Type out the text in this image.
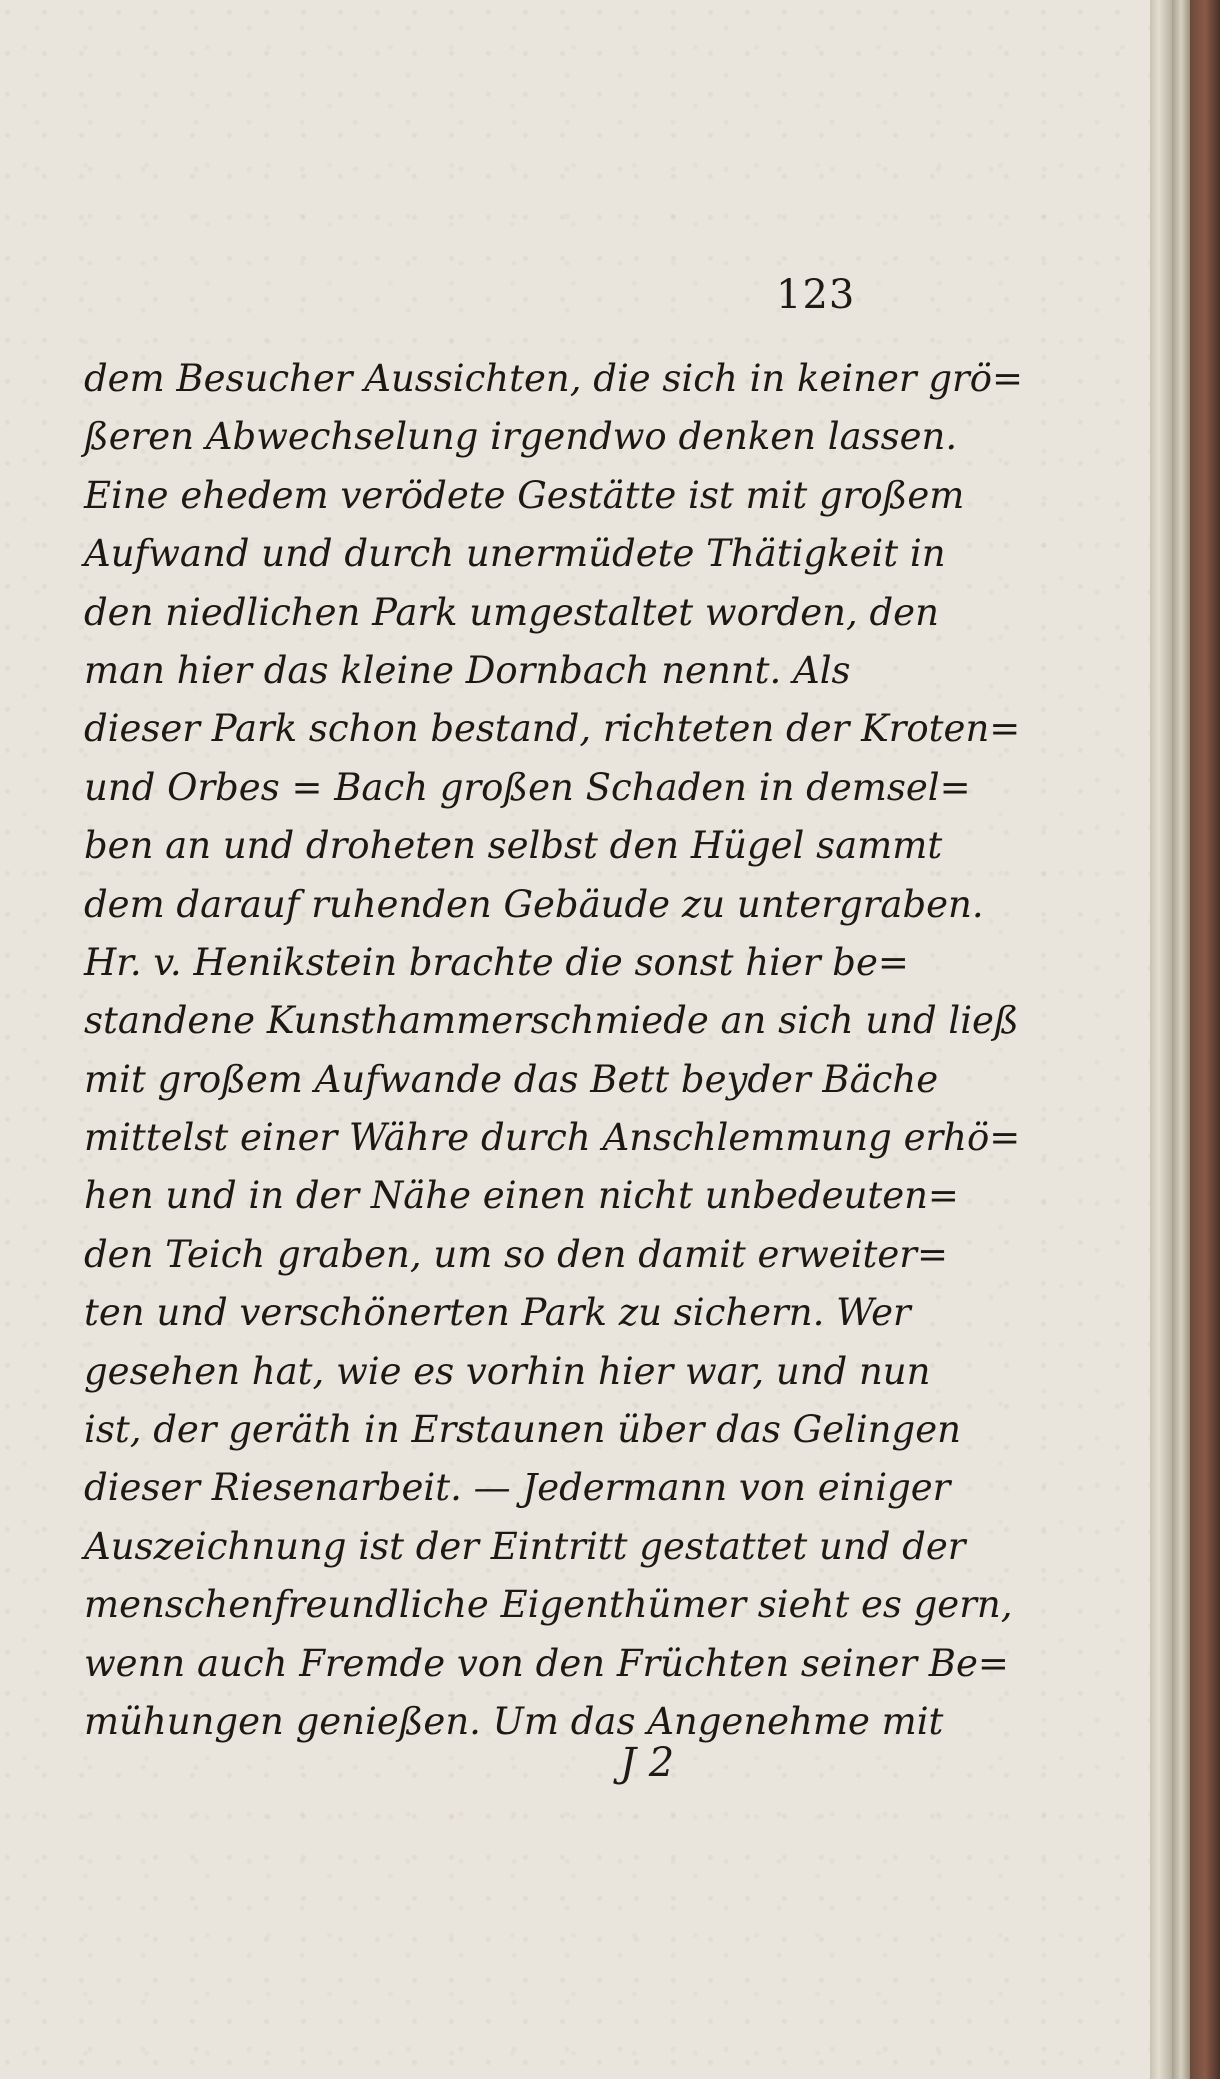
123
dem Besucher Aussichten, die sich in keiner grö=
ßeren Abwechselung irgendwo denken lassen.
Eine ehedem verödete Gestätte ist mit großem
Aufwand und durch unermüdete Thätigkeit in
den niedlichen Park umgestaltet worden, den
man hier das kleine Dornbach nennt. Als
dieser Park schon bestand, richteten der Kroten=
und Orbes = Bach großen Schaden in demsel=
ben an und droheten selbst den Hügel sammt
dem darauf ruhenden Gebäude zu untergraben.
Hr. v. Henikstein brachte die sonst hier be=
standene Kunsthammerschmiede an sich und ließ
mit großem Aufwande das Bett beyder Bäche
mittelst einer Währe durch Anschlemmung erhö=
hen und in der Nähe einen nicht unbedeuten=
den Teich graben, um so den damit erweiter=
ten und verschönerten Park zu sichern. Wer
gesehen hat, wie es vorhin hier war, und nun
ist, der geräth in Erstaunen über das Gelingen
dieser Riesenarbeit. — Jedermann von einiger
Auszeichnung ist der Eintritt gestattet und der
menschenfreundliche Eigenthümer sieht es gern,
wenn auch Fremde von den Früchten seiner Be=
mühungen genießen. Um das Angenehme mit
J 2
